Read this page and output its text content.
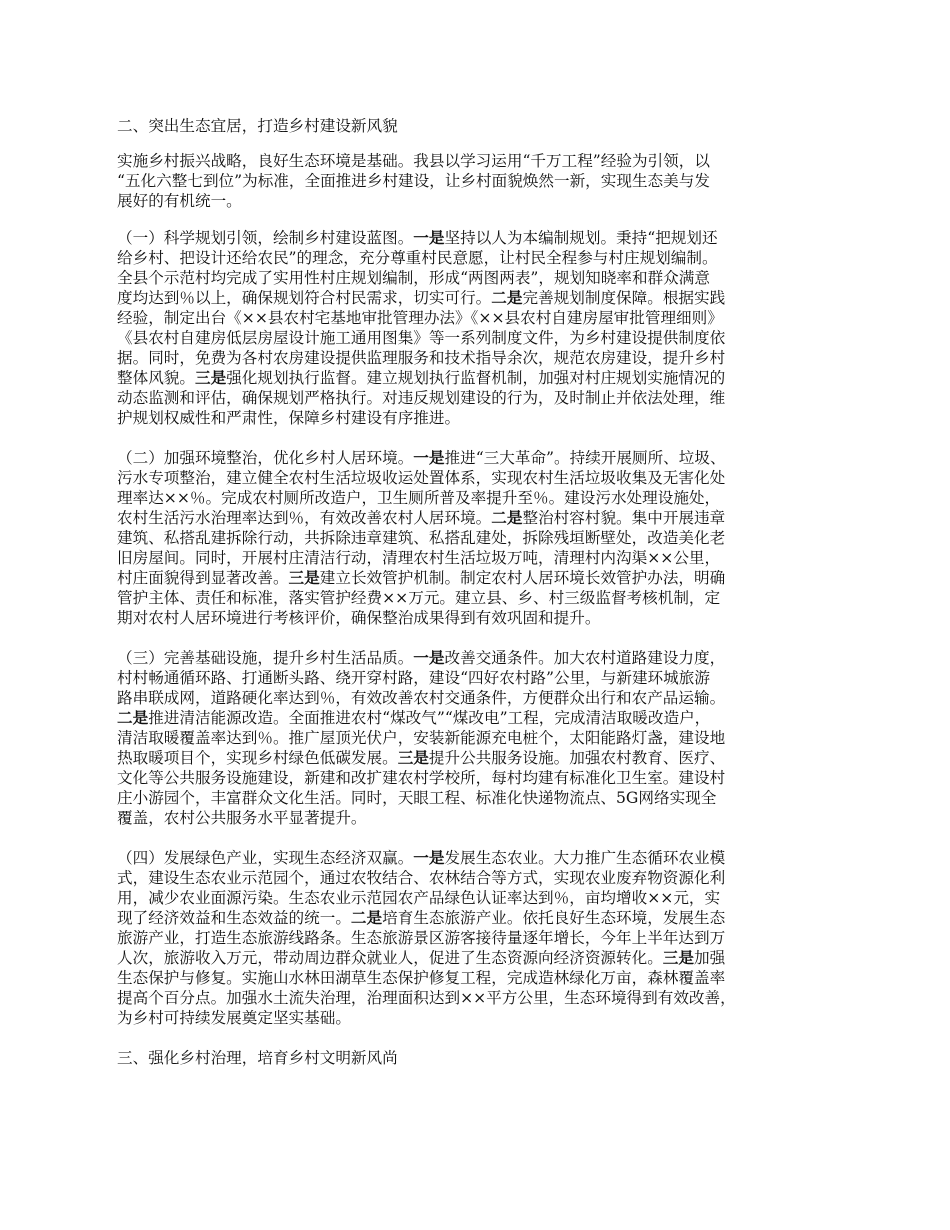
二、突出生态宜居，打造乡村建设新风貌
实施乡村振兴战略，良好生态环境是基础。我县以学习运用“千万工程”经验为引领，以
“五化六整七到位”为标准，全面推进乡村建设，让乡村面貌焕然一新，实现生态美与发
展好的有机统一。
（一）科学规划引领，绘制乡村建设蓝图。一是坚持以人为本编制规划。秉持“把规划还
给乡村、把设计还给农民”的理念，充分尊重村民意愿，让村民全程参与村庄规划编制。
全县个示范村均完成了实用性村庄规划编制，形成“两图两表”，规划知晓率和群众满意
度均达到％以上，确保规划符合村民需求，切实可行。二是完善规划制度保障。根据实践
经验，制定出台《××县农村宅基地审批管理办法》《××县农村自建房屋审批管理细则》
《县农村自建房低层房屋设计施工通用图集》等一系列制度文件，为乡村建设提供制度依
据。同时，免费为各村农房建设提供监理服务和技术指导余次，规范农房建设，提升乡村
整体风貌。三是强化规划执行监督。建立规划执行监督机制，加强对村庄规划实施情况的
动态监测和评估，确保规划严格执行。对违反规划建设的行为，及时制止并依法处理，维
护规划权威性和严肃性，保障乡村建设有序推进。
（二）加强环境整治，优化乡村人居环境。一是推进“三大革命”。持续开展厕所、垃圾、
污水专项整治，建立健全农村生活垃圾收运处置体系，实现农村生活垃圾收集及无害化处
理率达××％。完成农村厕所改造户，卫生厕所普及率提升至％。建设污水处理设施处，
农村生活污水治理率达到％，有效改善农村人居环境。二是整治村容村貌。集中开展违章
建筑、私搭乱建拆除行动，共拆除违章建筑、私搭乱建处，拆除残垣断壁处，改造美化老
旧房屋间。同时，开展村庄清洁行动，清理农村生活垃圾万吨，清理村内沟渠××公里，
村庄面貌得到显著改善。三是建立长效管护机制。制定农村人居环境长效管护办法，明确
管护主体、责任和标准，落实管护经费××万元。建立县、乡、村三级监督考核机制，定
期对农村人居环境进行考核评价，确保整治成果得到有效巩固和提升。
（三）完善基础设施，提升乡村生活品质。一是改善交通条件。加大农村道路建设力度，
村村畅通循环路、打通断头路、绕开穿村路，建设“四好农村路”公里，与新建环城旅游
路串联成网，道路硬化率达到％，有效改善农村交通条件，方便群众出行和农产品运输。
二是推进清洁能源改造。全面推进农村“煤改气”“煤改电”工程，完成清洁取暖改造户，
清洁取暖覆盖率达到％。推广屋顶光伏户，安装新能源充电桩个，太阳能路灯盏，建设地
热取暖项目个，实现乡村绿色低碳发展。三是提升公共服务设施。加强农村教育、医疗、
文化等公共服务设施建设，新建和改扩建农村学校所，每村均建有标准化卫生室。建设村
庄小游园个，丰富群众文化生活。同时，天眼工程、标准化快递物流点、5G网络实现全
覆盖，农村公共服务水平显著提升。
（四）发展绿色产业，实现生态经济双赢。一是发展生态农业。大力推广生态循环农业模
式，建设生态农业示范园个，通过农牧结合、农林结合等方式，实现农业废弃物资源化利
用，减少农业面源污染。生态农业示范园农产品绿色认证率达到％，亩均增收××元，实
现了经济效益和生态效益的统一。二是培育生态旅游产业。依托良好生态环境，发展生态
旅游产业，打造生态旅游线路条。生态旅游景区游客接待量逐年增长，今年上半年达到万
人次，旅游收入万元，带动周边群众就业人，促进了生态资源向经济资源转化。三是加强
生态保护与修复。实施山水林田湖草生态保护修复工程，完成造林绿化万亩，森林覆盖率
提高个百分点。加强水土流失治理，治理面积达到××平方公里，生态环境得到有效改善，
为乡村可持续发展奠定坚实基础。
三、强化乡村治理，培育乡村文明新风尚
